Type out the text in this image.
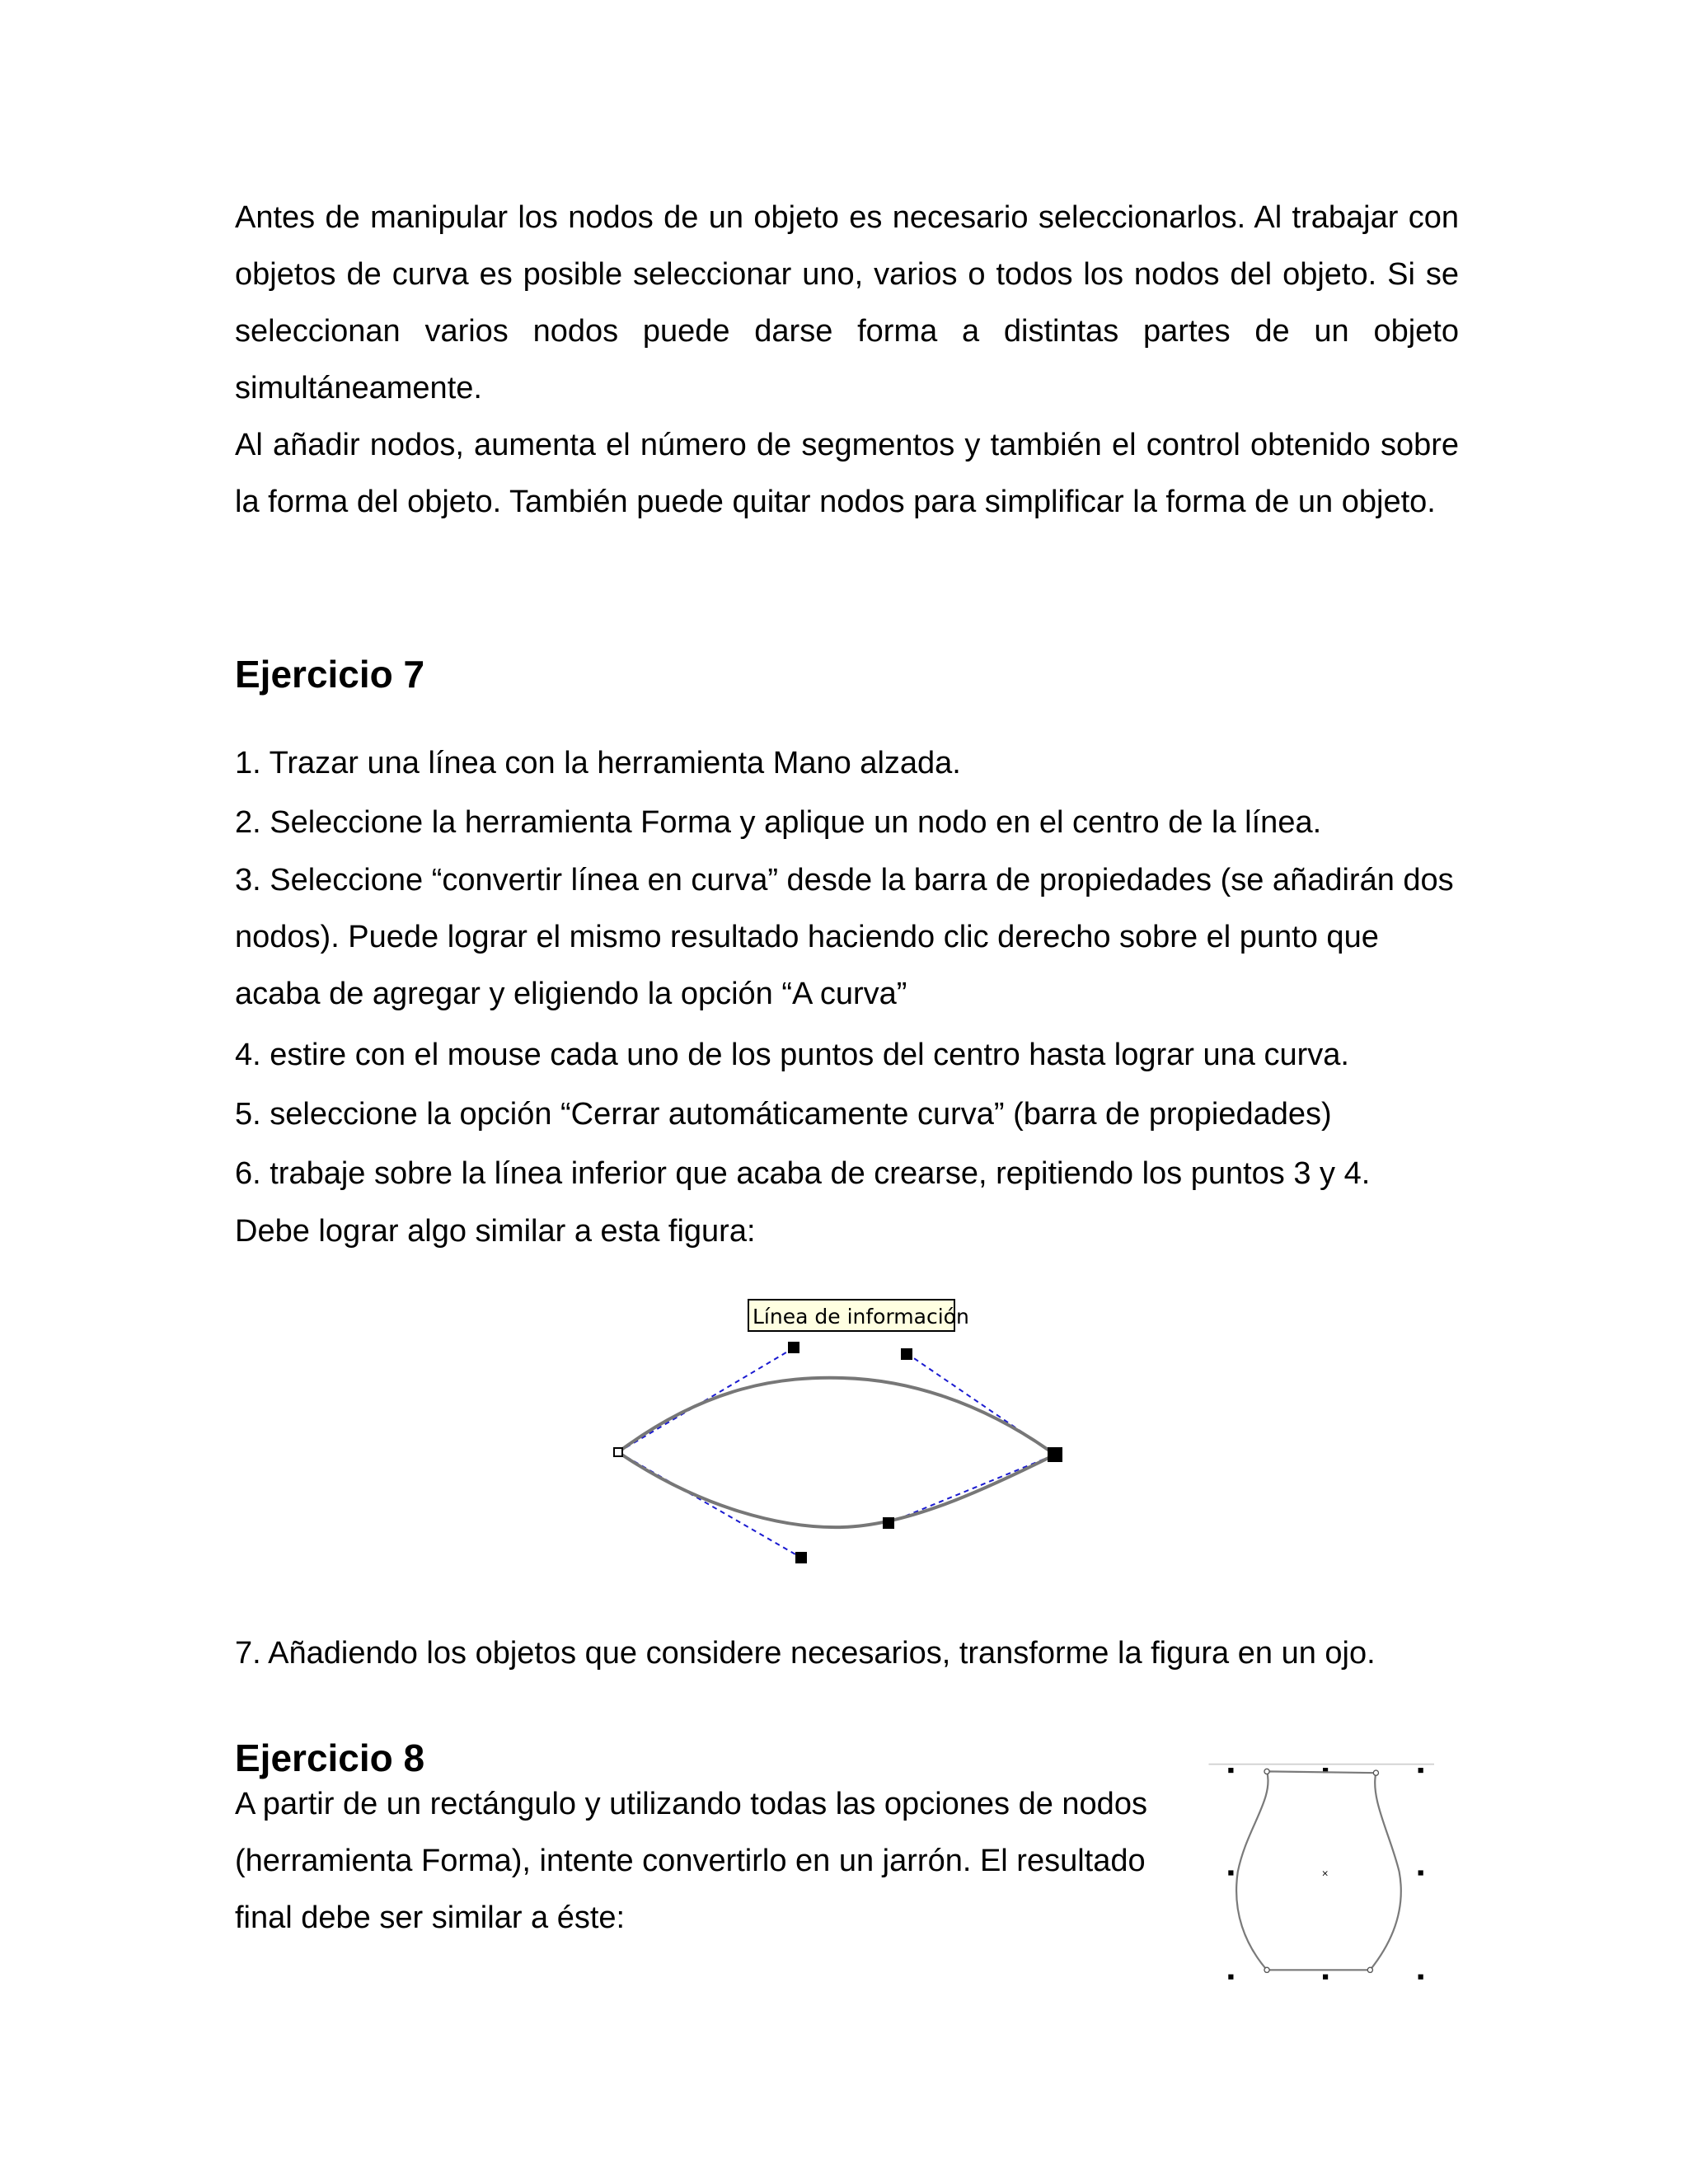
Antes de manipular los nodos de un objeto es necesario seleccionarlos. Al trabajar con objetos de curva es posible seleccionar uno, varios o todos los nodos del objeto. Si se seleccionan varios nodos puede darse forma a distintas partes de un objeto simultáneamente.

Al añadir nodos, aumenta el número de segmentos y también el control obtenido sobre la forma del objeto. También puede quitar nodos para simplificar la forma de un objeto.

Ejercicio 7

1. Trazar una línea con la herramienta Mano alzada.

2. Seleccione la herramienta Forma y aplique un nodo en el centro de la línea.

3. Seleccione “convertir línea en curva” desde la barra de propiedades (se añadirán dos nodos). Puede lograr el mismo resultado haciendo clic derecho sobre el punto que acaba de agregar y eligiendo la opción “A curva”

4. estire con el mouse cada uno de los puntos del centro hasta lograr una curva.

5. seleccione la opción “Cerrar automáticamente curva” (barra de propiedades)

6. trabaje sobre la línea inferior que acaba de crearse, repitiendo los puntos 3 y 4.

Debe lograr algo similar a esta figura:

Línea de información

7. Añadiendo los objetos que considere necesarios, transforme la figura en un ojo.

Ejercicio 8

A partir de un rectángulo y utilizando todas las opciones de nodos (herramienta Forma), intente convertirlo en un jarrón. El resultado final debe ser similar a éste:

×
